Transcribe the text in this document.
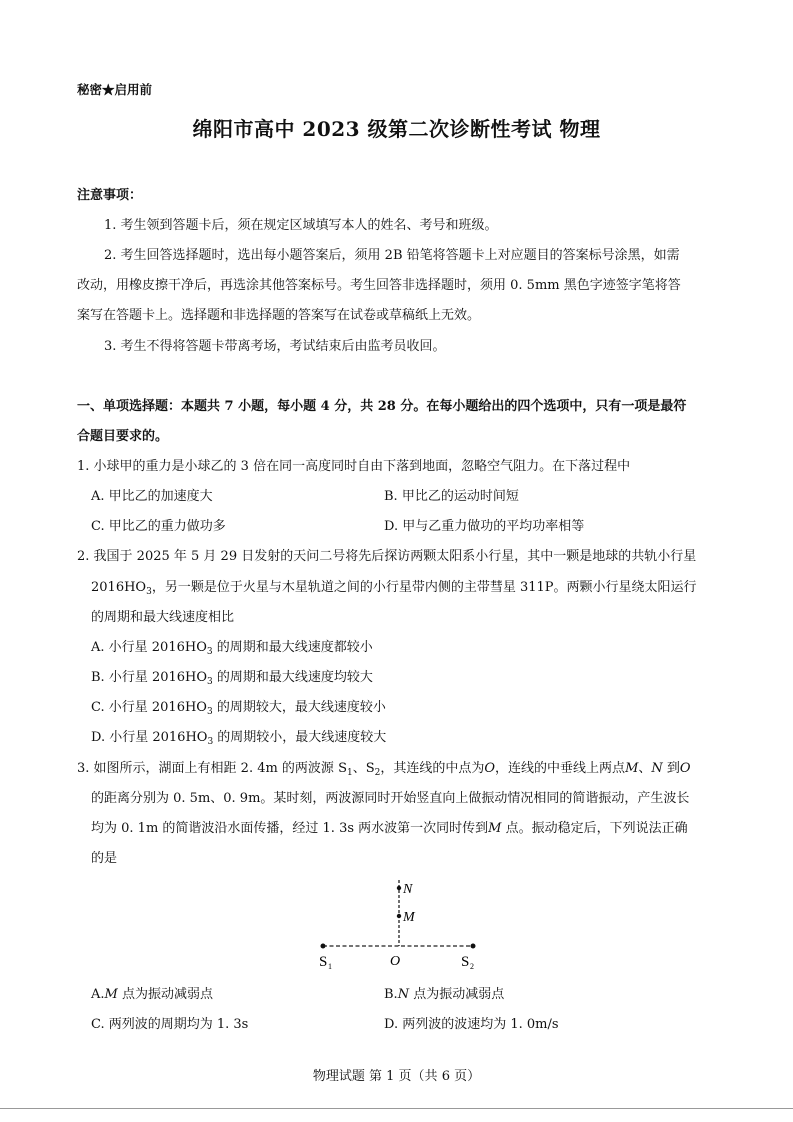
秘密★启用前
绵阳市高中 2023 级第二次诊断性考试 物理
注意事项：
1. 考生领到答题卡后，须在规定区域填写本人的姓名、考号和班级。
2. 考生回答选择题时，选出每小题答案后，须用 2B 铅笔将答题卡上对应题目的答案标号涂黑，如需
改动，用橡皮擦干净后，再选涂其他答案标号。考生回答非选择题时，须用 0. 5mm 黑色字迹签字笔将答
案写在答题卡上。选择题和非选择题的答案写在试卷或草稿纸上无效。
3. 考生不得将答题卡带离考场，考试结束后由监考员收回。
一、单项选择题：本题共 7 小题，每小题 4 分，共 28 分。在每小题给出的四个选项中，只有一项是最符
合题目要求的。
1. 小球甲的重力是小球乙的 3 倍在同一高度同时自由下落到地面，忽略空气阻力。在下落过程中
A. 甲比乙的加速度大	B. 甲比乙的运动时间短
C. 甲比乙的重力做功多	D. 甲与乙重力做功的平均功率相等
2. 我国于 2025 年 5 月 29 日发射的天问二号将先后探访两颗太阳系小行星，其中一颗是地球的共轨小行星
$2016HO_3$，另一颗是位于火星与木星轨道之间的小行星带内侧的主带彗星 311P。两颗小行星绕太阳运行
的周期和最大线速度相比
A. 小行星 $2016HO_3$ 的周期和最大线速度都较小
B. 小行星 $2016HO_3$ 的周期和最大线速度均较大
C. 小行星 $2016HO_3$ 的周期较大，最大线速度较小
D. 小行星 $2016HO_3$ 的周期较小，最大线速度较大
3. 如图所示，湖面上有相距 2. 4m 的两波源 $S_1$、$S_2$，其连线的中点为O，连线的中垂线上两点M、N 到O
的距离分别为 0. 5m、0. 9m。某时刻，两波源同时开始竖直向上做振动情况相同的简谐振动，产生波长
均为 0. 1m 的简谐波沿水面传播，经过 1. 3s 两水波第一次同时传到M 点。振动稳定后，下列说法正确
的是
N
M
O
S 1	S 2
A.M 点为振动减弱点	B.N 点为振动减弱点
C. 两列波的周期均为 1. 3s	D. 两列波的波速均为 1. 0m/s
物理试题 第 1 页（共 6 页）
